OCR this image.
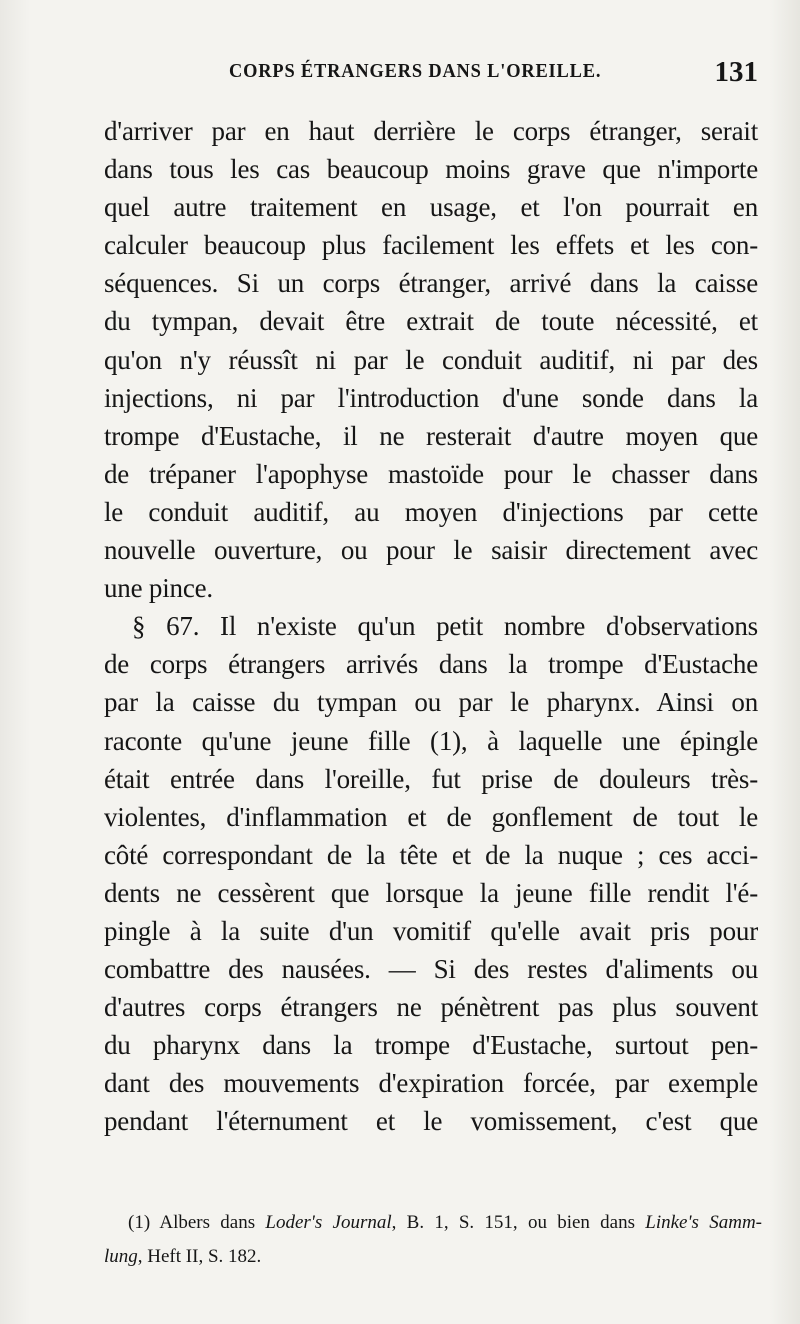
CORPS ÉTRANGERS DANS L'OREILLE.	131
d'arriver par en haut derrière le corps étranger, serait
dans tous les cas beaucoup moins grave que n'importe
quel autre traitement en usage, et l'on pourrait en
calculer beaucoup plus facilement les effets et les con-
séquences. Si un corps étranger, arrivé dans la caisse
du tympan, devait être extrait de toute nécessité, et
qu'on n'y réussît ni par le conduit auditif, ni par des
injections, ni par l'introduction d'une sonde dans la
trompe d'Eustache, il ne resterait d'autre moyen que
de trépaner l'apophyse mastoïde pour le chasser dans
le conduit auditif, au moyen d'injections par cette
nouvelle ouverture, ou pour le saisir directement avec
une pince.
§ 67. Il n'existe qu'un petit nombre d'observations
de corps étrangers arrivés dans la trompe d'Eustache
par la caisse du tympan ou par le pharynx. Ainsi on
raconte qu'une jeune fille (1), à laquelle une épingle
était entrée dans l'oreille, fut prise de douleurs très-
violentes, d'inflammation et de gonflement de tout le
côté correspondant de la tête et de la nuque ; ces acci-
dents ne cessèrent que lorsque la jeune fille rendit l'é-
pingle à la suite d'un vomitif qu'elle avait pris pour
combattre des nausées. — Si des restes d'aliments ou
d'autres corps étrangers ne pénètrent pas plus souvent
du pharynx dans la trompe d'Eustache, surtout pen-
dant des mouvements d'expiration forcée, par exemple
pendant l'éternument et le vomissement, c'est que
(1) Albers dans Loder's Journal, B. 1, S. 151, ou bien dans Linke's Samm-
lung, Heft II, S. 182.
